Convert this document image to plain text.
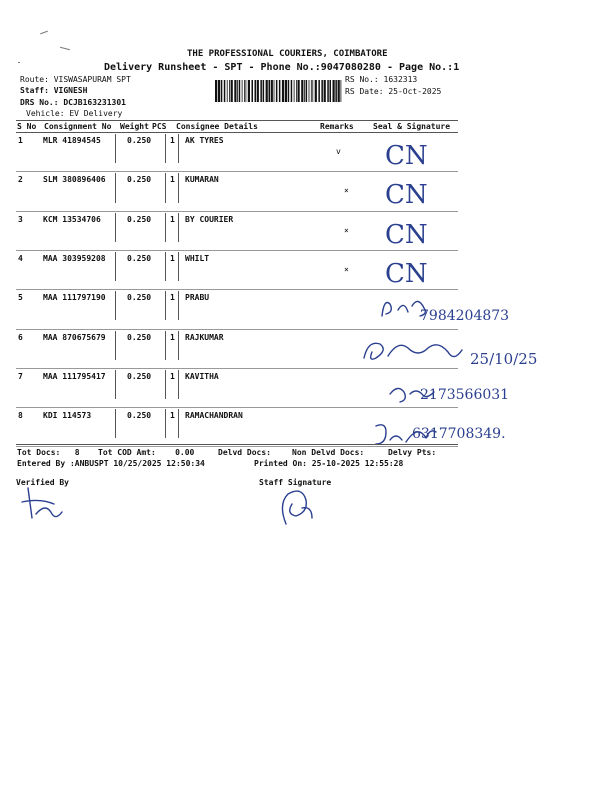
THE PROFESSIONAL COURIERS, COIMBATORE
Delivery Runsheet - SPT - Phone No.:9047080280 - Page No.:1
Route: VISWASAPURAM SPT
Staff: VIGNESH
DRS No.: DCJB163231301
Vehicle: EV Delivery
RS No.: 1632313
RS Date: 25-Oct-2025
S No Consignment No Weight PCS Consignee Details	Remarks Seal & Signature
1	MLR 41894545	0.250 1 AK TYRES
v CN
2	SLM 380896406	0.250 1 KUMARAN
× CN
3	KCM 13534706	0.250 1 BY COURIER
× CN
4	MAA 303959208	0.250 1 WHILT
× CN
5	MAA 111797190	0.250 1 PRABU
7984204873
6	MAA 870675679	0.250 1 RAJKUMAR
25/10/25
7	MAA 111795417	0.250 1 KAVITHA
2173566031
8	KDI 114573	0.250 1 RAMACHANDRAN
6317708349.
Tot Docs:   8 Tot COD Amt:    0.00	Delvd Docs:	Non Delvd Docs:	Delvy Pts:
Entered By :ANBUSPT 10/25/2025 12:50:34	Printed On: 25-10-2025 12:55:28
Verified By	Staff Signature
